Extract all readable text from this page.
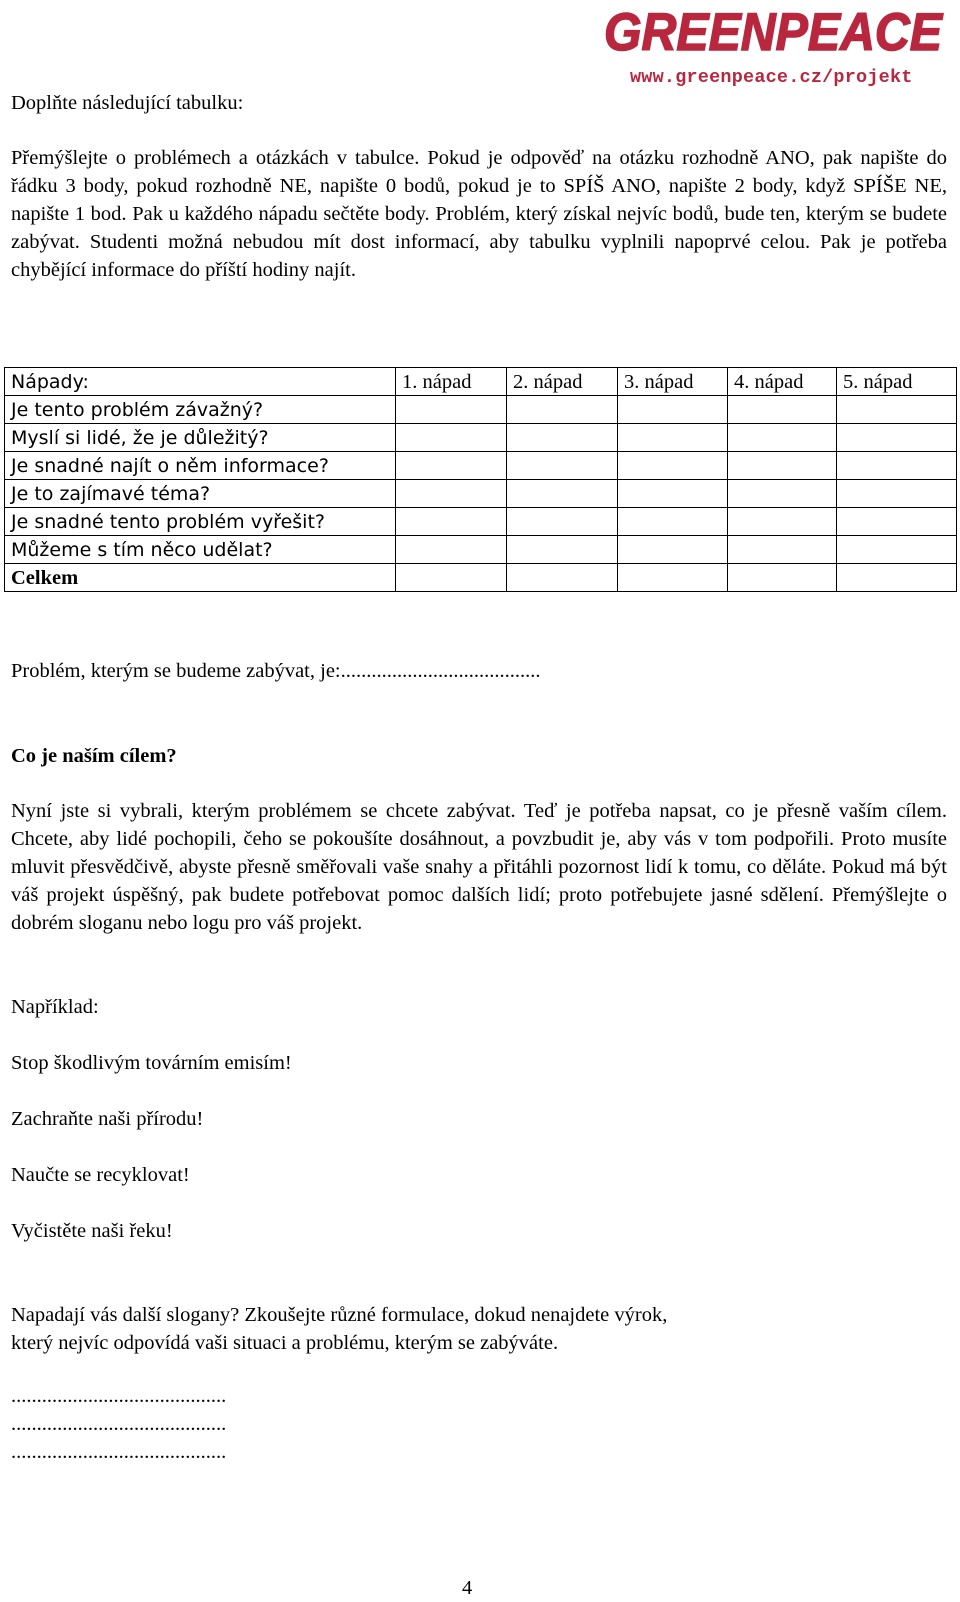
GREENPEACE
www.greenpeace.cz/projekt
Doplňte následující tabulku:
Přemýšlejte o problémech a otázkách v tabulce. Pokud je odpověď na otázku rozhodně ANO, pak napište do řádku 3 body, pokud rozhodně NE, napište 0 bodů, pokud je to SPÍŠ ANO, napište 2 body, když SPÍŠE NE, napište 1 bod. Pak u každého nápadu sečtěte body. Problém, který získal nejvíc bodů, bude ten, kterým se budete zabývat. Studenti možná nebudou mít dost informací, aby tabulku vyplnili napoprvé celou. Pak je potřeba chybějící informace do příští hodiny najít.
Nápady:	1. nápad	2. nápad	3. nápad	4. nápad	5. nápad
Je tento problém závažný?					
Myslí si lidé, že je důležitý?					
Je snadné najít o něm informace?					
Je to zajímavé téma?					
Je snadné tento problém vyřešit?					
Můžeme s tím něco udělat?					
Celkem					
Problém, kterým se budeme zabývat, je:.......................................
Co je naším cílem?
Nyní jste si vybrali, kterým problémem se chcete zabývat. Teď je potřeba napsat, co je přesně vaším cílem. Chcete, aby lidé pochopili, čeho se pokoušíte dosáhnout, a povzbudit je, aby vás v tom podpořili. Proto musíte mluvit přesvědčivě, abyste přesně směřovali vaše snahy a přitáhli pozornost lidí k tomu, co děláte. Pokud má být váš projekt úspěšný, pak budete potřebovat pomoc dalších lidí; proto potřebujete jasné sdělení. Přemýšlejte o dobrém sloganu nebo logu pro váš projekt.
Například:
Stop škodlivým továrním emisím!
Zachraňte naši přírodu!
Naučte se recyklovat!
Vyčistěte naši řeku!
Napadají vás další slogany? Zkoušejte různé formulace, dokud nenajdete výrok,
který nejvíc odpovídá vaši situaci a problému, kterým se zabýváte.
..........................................
..........................................
..........................................
4
